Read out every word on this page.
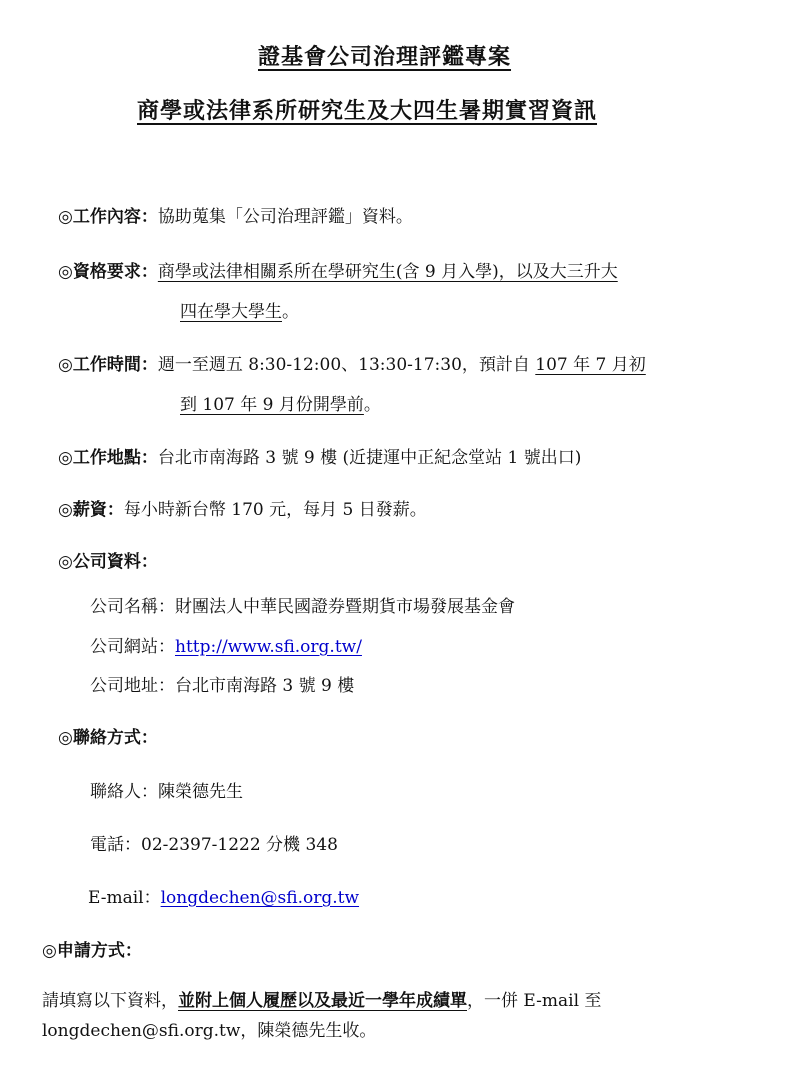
證基會公司治理評鑑專案
商學或法律系所研究生及大四生暑期實習資訊
◎工作內容：協助蒐集「公司治理評鑑」資料。
◎資格要求：商學或法律相關系所在學研究生(含 9 月入學)，以及大三升大
四在學大學生。
◎工作時間：週一至週五 8:30-12:00、13:30-17:30，預計自 107 年 7 月初
到 107 年 9 月份開學前。
◎工作地點：台北市南海路 3 號 9 樓 (近捷運中正紀念堂站 1 號出口)
◎薪資：每小時新台幣 170 元，每月 5 日發薪。
◎公司資料：
公司名稱：財團法人中華民國證券暨期貨市場發展基金會
公司網站：http://www.sfi.org.tw/
公司地址：台北市南海路 3 號 9 樓
◎聯絡方式：
聯絡人：陳榮德先生
電話：02-2397-1222 分機 348
E-mail：longdechen@sfi.org.tw
◎申請方式：
請填寫以下資料，並附上個人履歷以及最近一學年成績單，一併 E-mail 至
longdechen@sfi.org.tw，陳榮德先生收。
